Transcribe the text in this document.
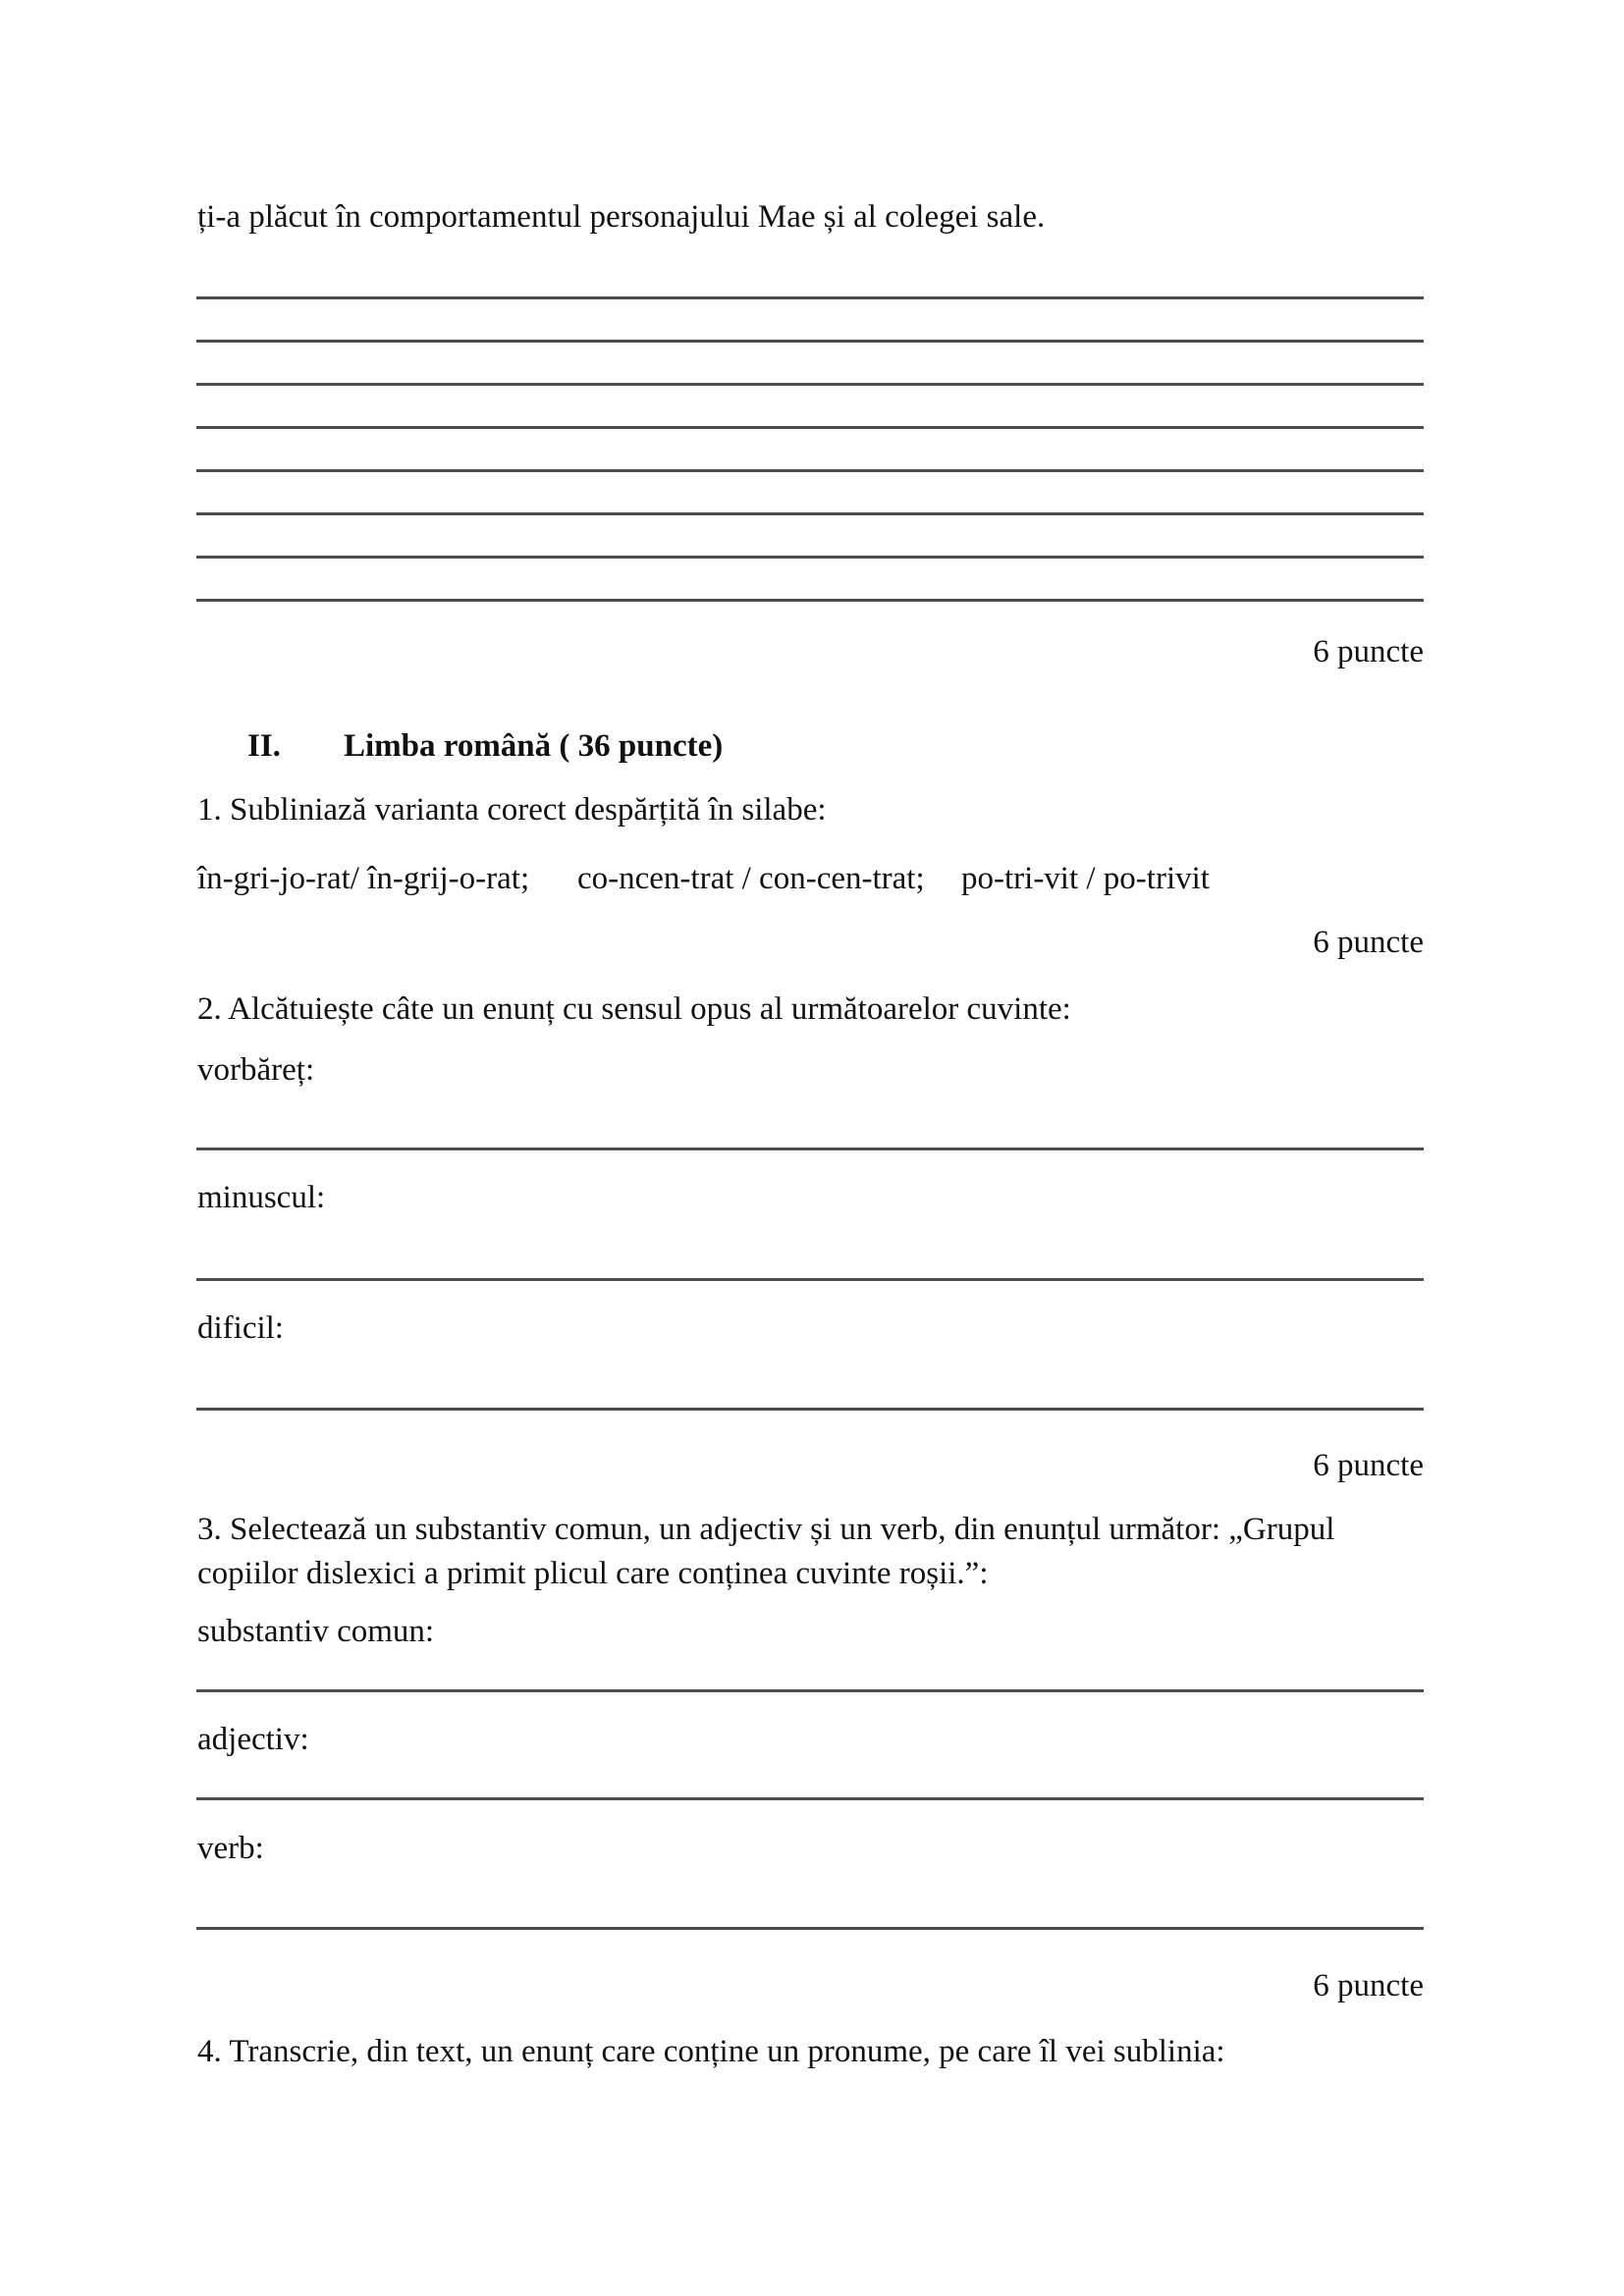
ți-a plăcut în comportamentul personajului Mae și al colegei sale.
6 puncte
II. Limba română ( 36 puncte)
1. Subliniază varianta corect despărțită în silabe:
în-gri-jo-rat/ în-grij-o-rat; co-ncen-trat / con-cen-trat; po-tri-vit / po-trivit
6 puncte
2. Alcătuiește câte un enunț cu sensul opus al următoarelor cuvinte:
vorbăreț:
minuscul:
dificil:
6 puncte
3. Selectează un substantiv comun, un adjectiv și un verb, din enunțul următor: „Grupul
copiilor dislexici a primit plicul care conținea cuvinte roșii.”:
substantiv comun:
adjectiv:
verb:
6 puncte
4. Transcrie, din text, un enunț care conține un pronume, pe care îl vei sublinia:
